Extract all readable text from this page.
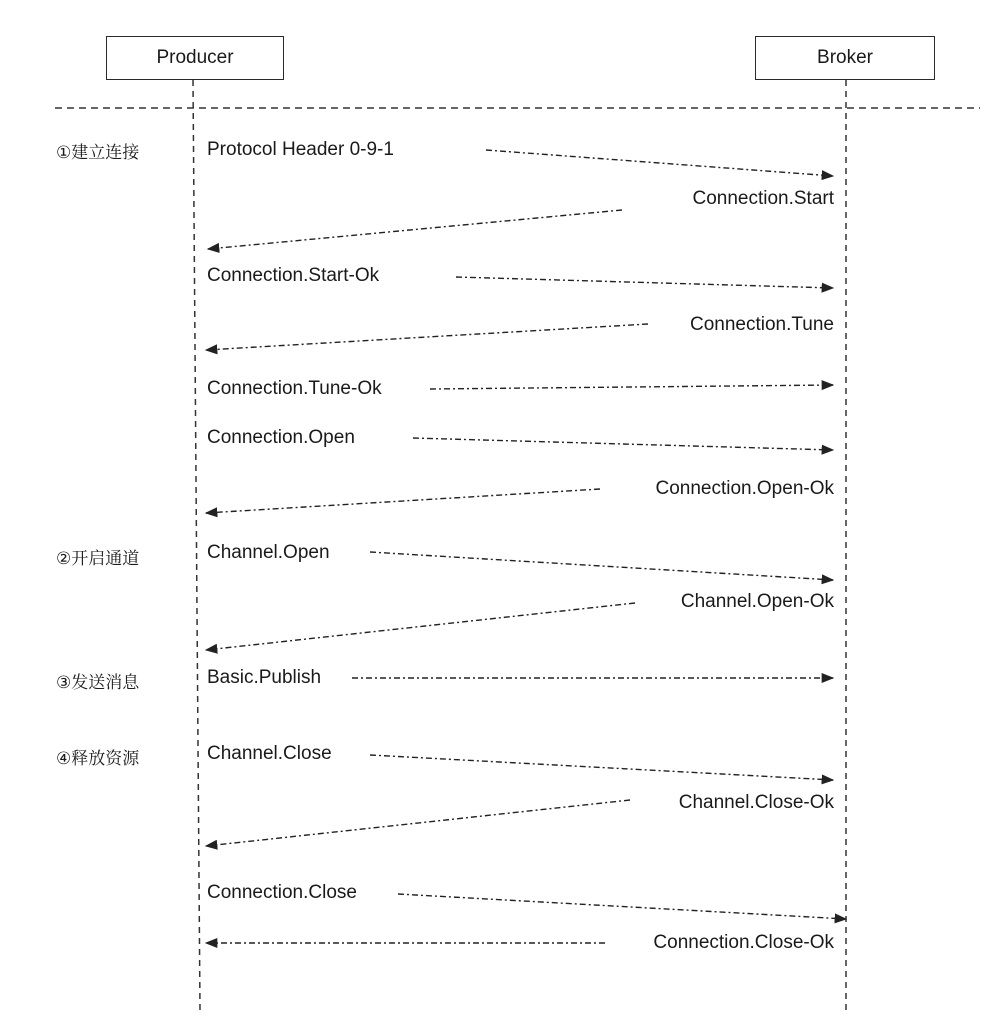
Producer	Broker
①建立连接
②开启通道
③发送消息
④释放资源
Protocol Header 0-9-1
Connection.Start
Connection.Start-Ok
Connection.Tune
Connection.Tune-Ok
Connection.Open
Connection.Open-Ok
Channel.Open
Channel.Open-Ok
Basic.Publish
Channel.Close
Channel.Close-Ok
Connection.Close
Connection.Close-Ok
